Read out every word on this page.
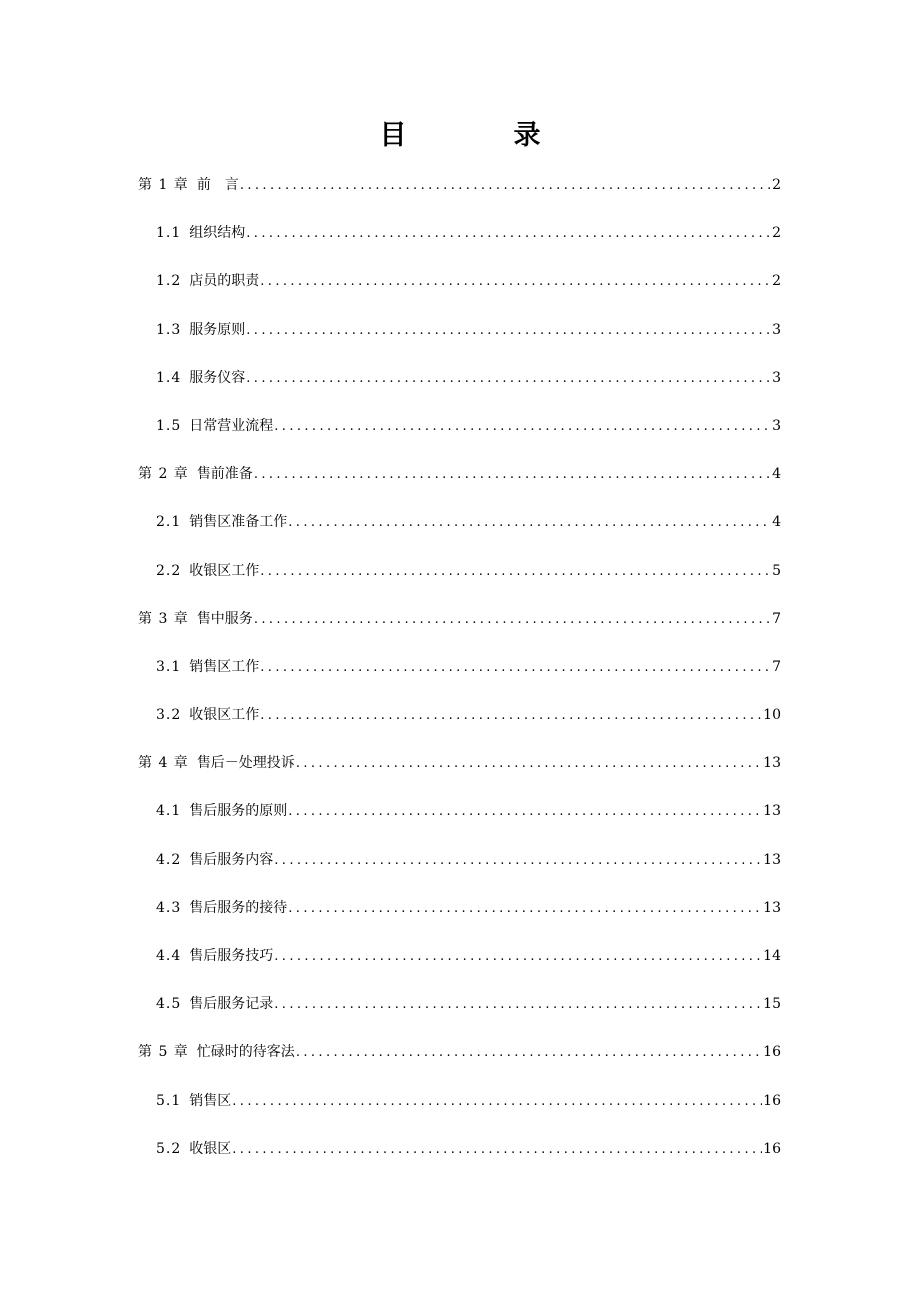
目　录
第 1 章 前　言 .....	2
1.1 组织结构 .....	2
1.2 店员的职责 .....	2
1.3 服务原则 .....	3
1.4 服务仪容 .....	3
1.5 日常营业流程 .....	3
第 2 章 售前准备 .....	4
2.1 销售区准备工作 .....	4
2.2 收银区工作 .....	5
第 3 章 售中服务 .....	7
3.1 销售区工作 .....	7
3.2 收银区工作 .....	10
第 4 章 售后－处理投诉 .....	13
4.1 售后服务的原则 .....	13
4.2 售后服务内容 .....	13
4.3 售后服务的接待 .....	13
4.4 售后服务技巧 .....	14
4.5 售后服务记录 .....	15
第 5 章 忙碌时的待客法 .....	16
5.1 销售区 .....	16
5.2 收银区 .....	16
